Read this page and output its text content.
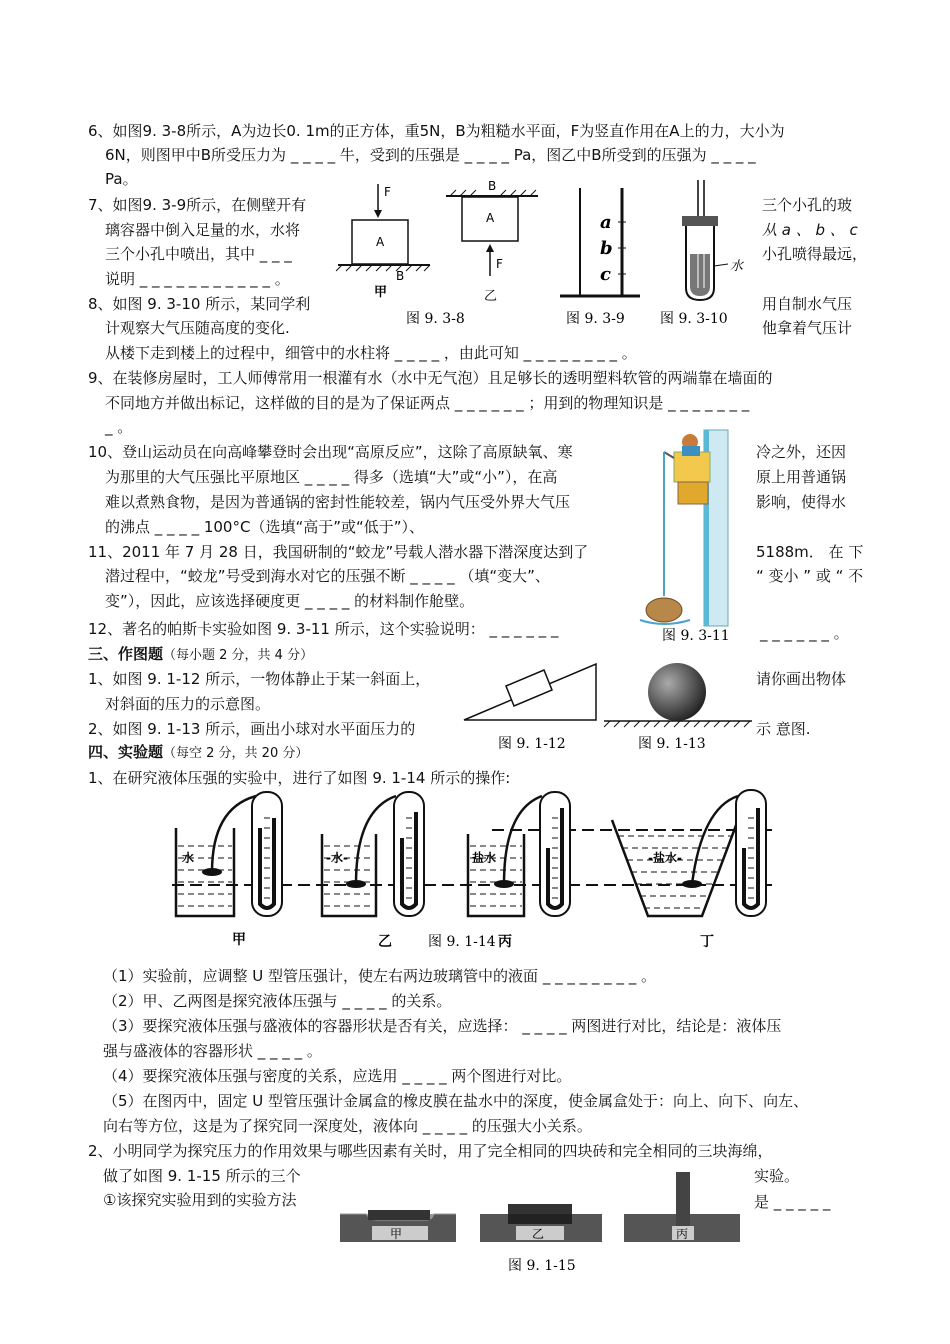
6、如图9. 3-8所示，A为边长0. 1m的正方体，重5N，B为粗糙水平面，F为竖直作用在A上的力，大小为
6N，则图甲中B所受压力为 _ _ _ _ 牛，受到的压强是 _ _ _ _ Pa，图乙中B所受到的压强为 _ _ _ _
Pa。
7、如图9. 3-9所示，在侧壁开有	三个小孔的玻
璃容器中倒入足量的水，水将	从 a 、 b 、 c
三个小孔中喷出，其中 _ _ _	小孔喷得最远，
说明 _ _ _ _ _ _ _ _ _ _ _ 。
8、如图 9. 3-10 所示，某同学利	用自制水气压
计观察大气压随高度的变化.	他拿着气压计
从楼下走到楼上的过程中，细管中的水柱将 _ _ _ _ ，由此可知 _ _ _ _ _ _ _ _ 。
F
A
B
甲
B
A
F
乙
a
b
c	水
图 9. 3-8	图 9. 3-9	图 9. 3-10
9、在装修房屋时，工人师傅常用一根灌有水（水中无气泡）且足够长的透明塑料软管的两端靠在墙面的
不同地方并做出标记，这样做的目的是为了保证两点 _ _ _ _ _ _ ；用到的物理知识是 _ _ _ _ _ _ _
_ 。
10、登山运动员在向高峰攀登时会出现“高原反应”，这除了高原缺氧、寒	冷之外，还因
为那里的大气压强比平原地区 _ _ _ _ 得多（选填“大”或“小”），在高	原上用普通锅
难以煮熟食物，是因为普通锅的密封性能较差，锅内气压受外界大气压	影响，使得水
的沸点 _ _ _ _ 100°C（选填“高于”或“低于”）、
11、2011 年 7 月 28 日，我国研制的“蛟龙”号载人潜水器下潜深度达到了	5188m． 在 下
潜过程中，“蛟龙”号受到海水对它的压强不断 _ _ _ _ （填“变大”、	“ 变小 ” 或 “ 不
变”），因此，应该选择硬度更 _ _ _ _ 的材料制作舱壁。
12、著名的帕斯卡实验如图 9. 3-11 所示，这个实验说明： _ _ _ _ _ _	_ _ _ _ _ _ 。
图 9. 3-11
三、作图题（每小题 2 分，共 4 分）
1、如图 9. 1-12 所示，一物体静止于某一斜面上，	请你画出物体
对斜面的压力的示意图。
2、如图 9. 1-13 所示，画出小球对水平面压力的	示 意图.
图 9. 1-12	图 9. 1-13
四、实验题（每空 2 分，共 20 分）
1、在研究液体压强的实验中，进行了如图 9. 1-14 所示的操作:
水
甲
-水-
乙	图 9. 1-14
盐水
丙
-盐水-
丁
（1）实验前，应调整 U 型管压强计，使左右两边玻璃管中的液面 _ _ _ _ _ _ _ _ 。
（2）甲、乙两图是探究液体压强与 _ _ _ _ 的关系。
（3）要探究液体压强与盛液体的容器形状是否有关，应选择： _ _ _ _ 两图进行对比，结论是：液体压
强与盛液体的容器形状 _ _ _ _ 。
（4）要探究液体压强与密度的关系，应选用 _ _ _ _ 两个图进行对比。
（5）在图丙中，固定 U 型管压强计金属盒的橡皮膜在盐水中的深度，使金属盒处于：向上、向下、向左、
向右等方位，这是为了探究同一深度处，液体向 _ _ _ _ 的压强大小关系。
2、小明同学为探究压力的作用效果与哪些因素有关时，用了完全相同的四块砖和完全相同的三块海绵，
做了如图 9. 1-15 所示的三个	实验。
①该探究实验用到的实验方法	是 _ _ _ _ _
甲	乙	丙
图 9. 1-15
